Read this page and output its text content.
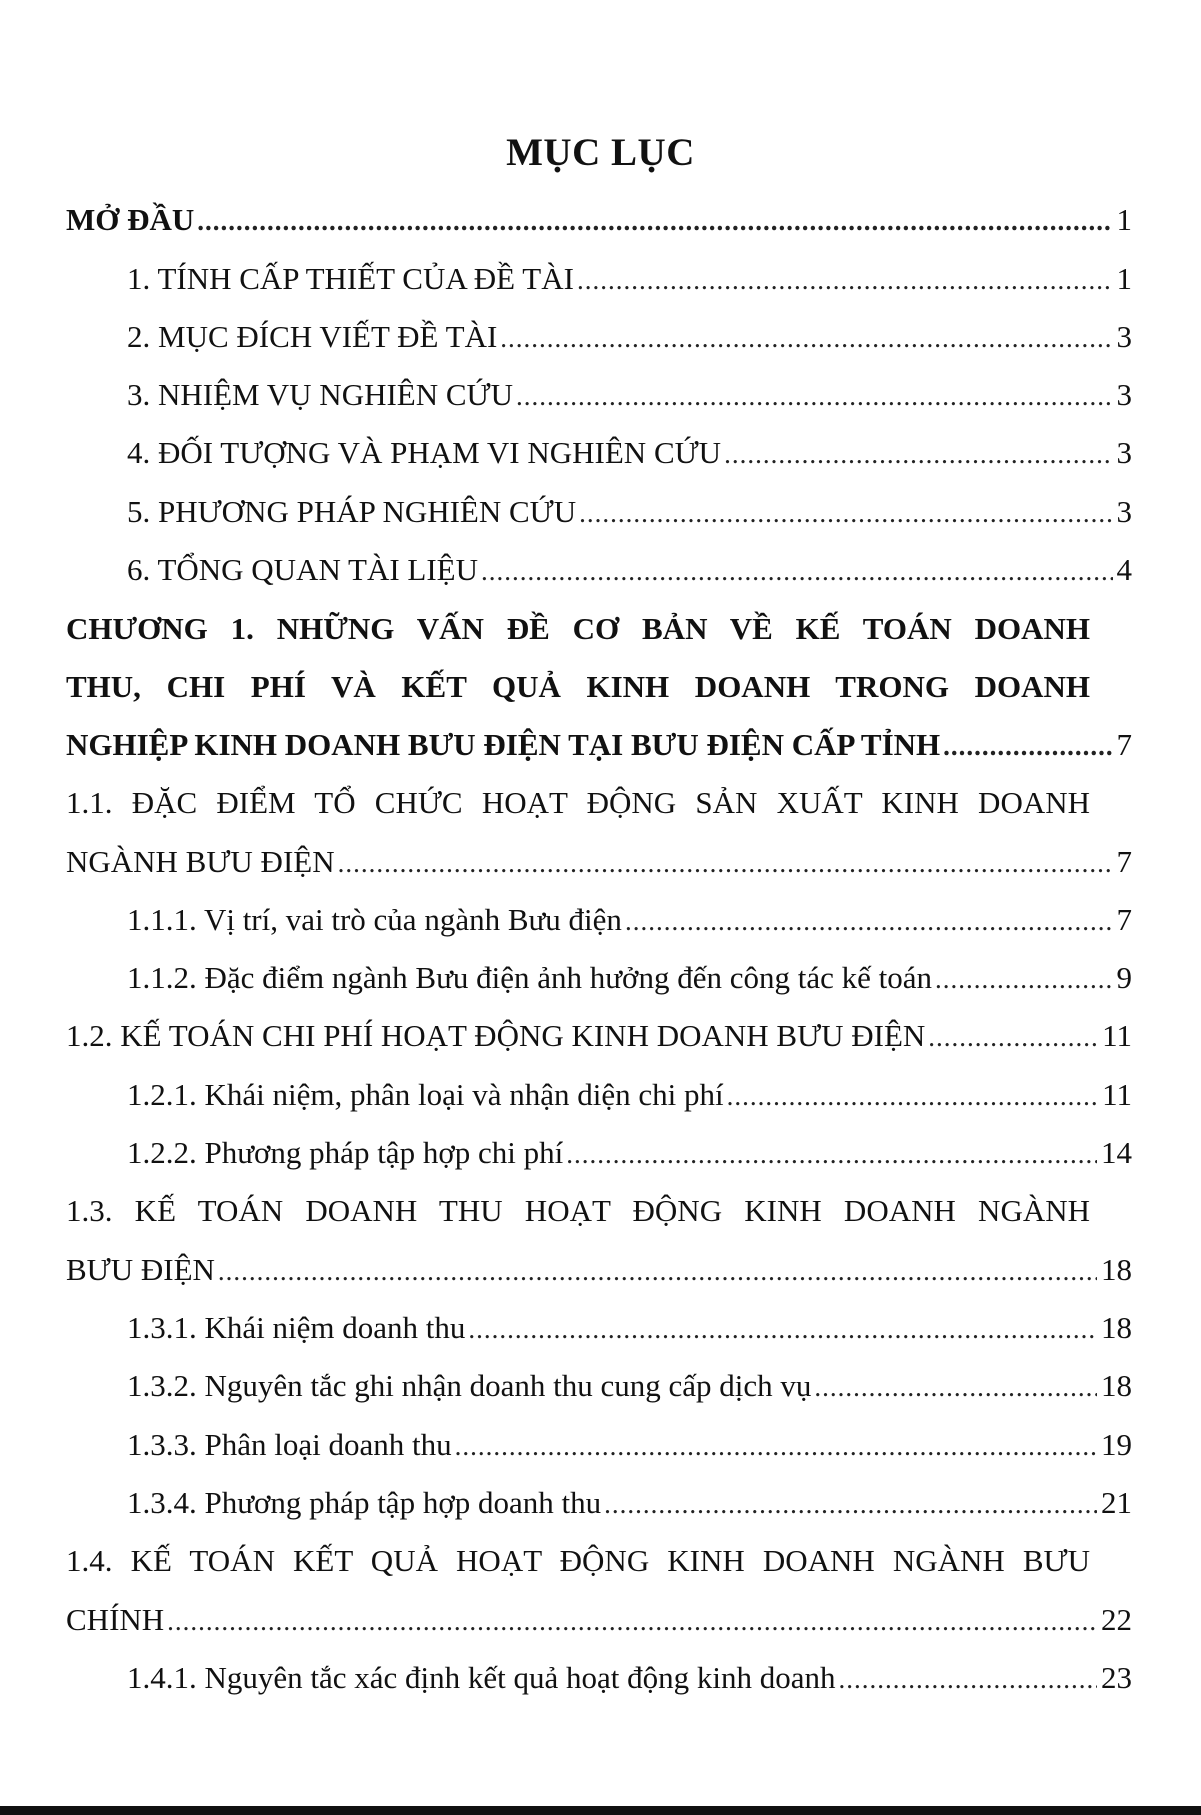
MỤC LỤC
MỞ ĐẦU .....	1
1. TÍNH CẤP THIẾT CỦA ĐỀ TÀI .....	1
2. MỤC ĐÍCH VIẾT ĐỀ TÀI .....	3
3. NHIỆM VỤ NGHIÊN CỨU .....	3
4. ĐỐI TƯỢNG VÀ PHẠM VI NGHIÊN CỨU .....	3
5. PHƯƠNG PHÁP NGHIÊN CỨU .....	3
6. TỔNG QUAN TÀI LIỆU .....	4
CHƯƠNG 1. NHỮNG VẤN ĐỀ CƠ BẢN VỀ KẾ TOÁN DOANH
THU, CHI PHÍ VÀ KẾT QUẢ KINH DOANH TRONG DOANH
NGHIỆP KINH DOANH BƯU ĐIỆN TẠI BƯU ĐIỆN CẤP TỈNH .....	7
1.1. ĐẶC ĐIỂM TỔ CHỨC HOẠT ĐỘNG SẢN XUẤT KINH DOANH
NGÀNH BƯU ĐIỆN .....	7
1.1.1. Vị trí, vai trò của ngành Bưu điện .....	7
1.1.2. Đặc điểm ngành Bưu điện ảnh hưởng đến công tác kế toán .....	9
1.2. KẾ TOÁN CHI PHÍ HOẠT ĐỘNG KINH DOANH BƯU ĐIỆN .....	11
1.2.1. Khái niệm, phân loại và nhận diện chi phí .....	11
1.2.2. Phương pháp tập hợp chi phí .....	14
1.3. KẾ TOÁN DOANH THU HOẠT ĐỘNG KINH DOANH NGÀNH
BƯU ĐIỆN .....	18
1.3.1. Khái niệm doanh thu .....	18
1.3.2. Nguyên tắc ghi nhận doanh thu cung cấp dịch vụ .....	18
1.3.3. Phân loại doanh thu .....	19
1.3.4. Phương pháp tập hợp doanh thu .....	21
1.4. KẾ TOÁN KẾT QUẢ HOẠT ĐỘNG KINH DOANH NGÀNH BƯU
CHÍNH .....	22
1.4.1. Nguyên tắc xác định kết quả hoạt động kinh doanh .....	23
